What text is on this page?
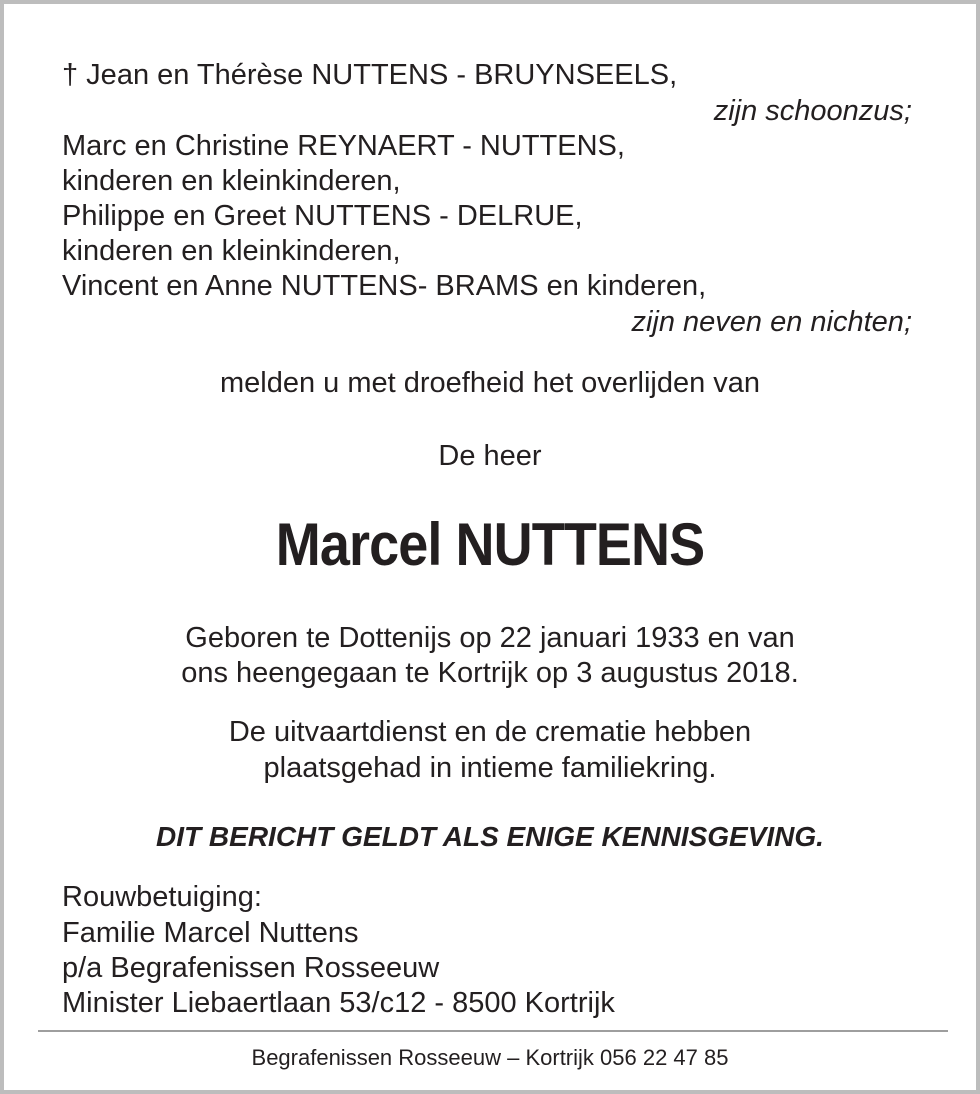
† Jean en Thérèse NUTTENS - BRUYNSEELS,
zijn schoonzus;
Marc en Christine REYNAERT - NUTTENS,
kinderen en kleinkinderen,
Philippe en Greet NUTTENS - DELRUE,
kinderen en kleinkinderen,
Vincent en Anne NUTTENS- BRAMS en kinderen,
zijn neven en nichten;
melden u met droefheid het overlijden van
De heer
Marcel NUTTENS
Geboren te Dottenijs op 22 januari 1933 en van
ons heengegaan te Kortrijk op 3 augustus 2018.
De uitvaartdienst en de crematie hebben
plaatsgehad in intieme familiekring.
DIT BERICHT GELDT ALS ENIGE KENNISGEVING.
Rouwbetuiging:
Familie Marcel Nuttens
p/a Begrafenissen Rosseeuw
Minister Liebaertlaan 53/c12 - 8500 Kortrijk
Begrafenissen Rosseeuw – Kortrijk 056 22 47 85
